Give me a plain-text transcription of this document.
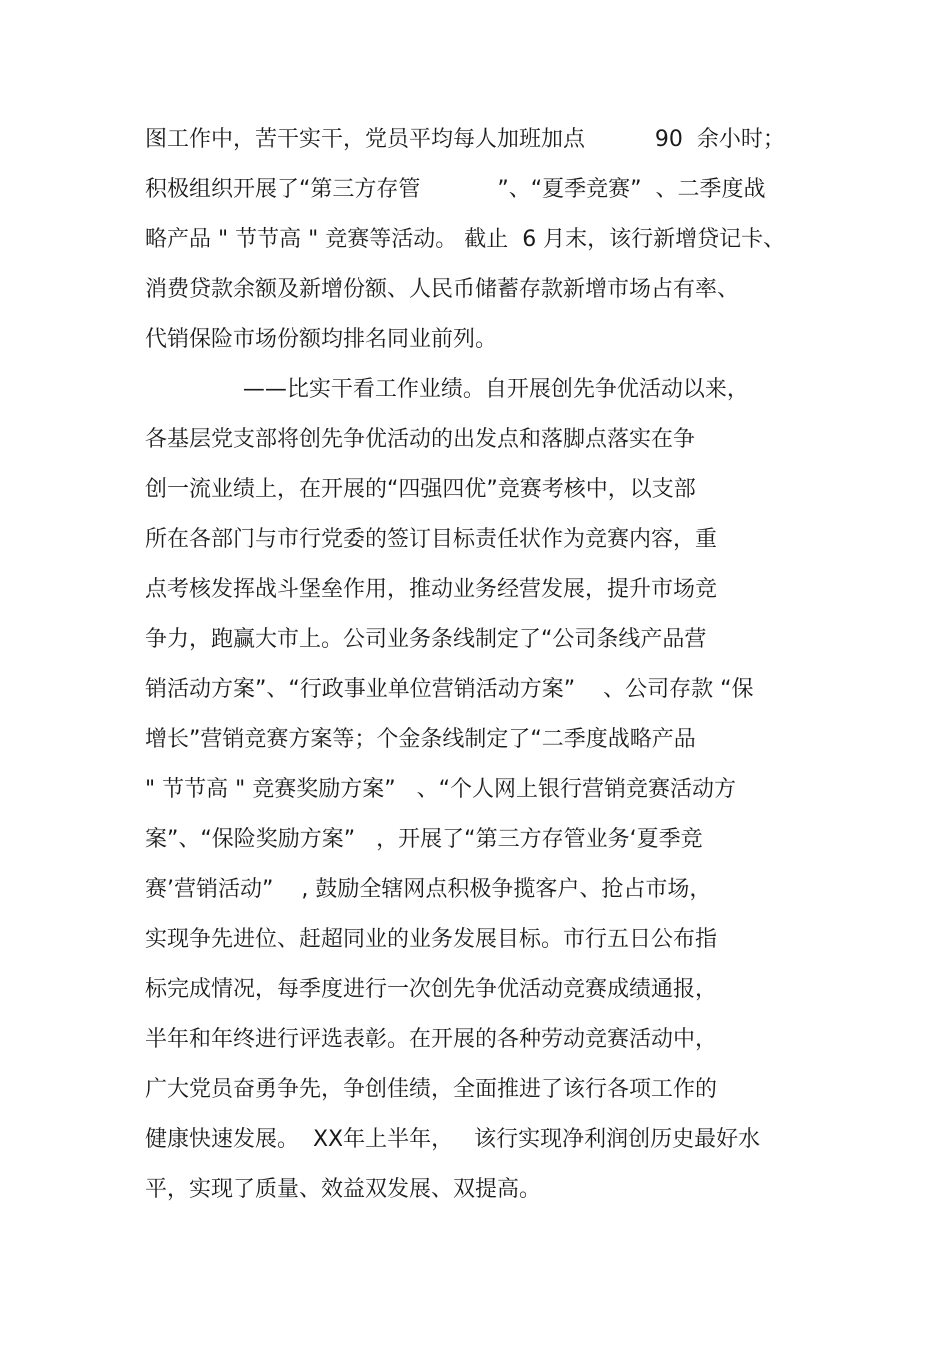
图工作中，苦干实干，党员平均每人加班加点          90  余小时；
积极组织开展了“第三方存管           ”、“夏季竞赛”  、二季度战
略产品 " 节节高 " 竞赛等活动。 截止  6 月末，该行新增贷记卡、
消费贷款余额及新增份额、人民币储蓄存款新增市场占有率、
代销保险市场份额均排名同业前列。
——比实干看工作业绩。自开展创先争优活动以来，
各基层党支部将创先争优活动的出发点和落脚点落实在争
创一流业绩上，在开展的“四强四优”竞赛考核中，以支部
所在各部门与市行党委的签订目标责任状作为竞赛内容，重
点考核发挥战斗堡垒作用，推动业务经营发展，提升市场竞
争力，跑赢大市上。公司业务条线制定了“公司条线产品营
销活动方案”、“行政事业单位营销活动方案”    、公司存款 “保
增长”营销竞赛方案等；个金条线制定了“二季度战略产品
" 节节高 " 竞赛奖励方案”   、“个人网上银行营销竞赛活动方
案”、“保险奖励方案”   ，开展了“第三方存管业务‘夏季竞
赛’营销活动”    , 鼓励全辖网点积极争揽客户、抢占市场，
实现争先进位、赶超同业的业务发展目标。市行五日公布指
标完成情况，每季度进行一次创先争优活动竞赛成绩通报，
半年和年终进行评选表彰。在开展的各种劳动竞赛活动中，
广大党员奋勇争先，争创佳绩，全面推进了该行各项工作的
健康快速发展。  XX年上半年，   该行实现净利润创历史最好水
平，实现了质量、效益双发展、双提高。
